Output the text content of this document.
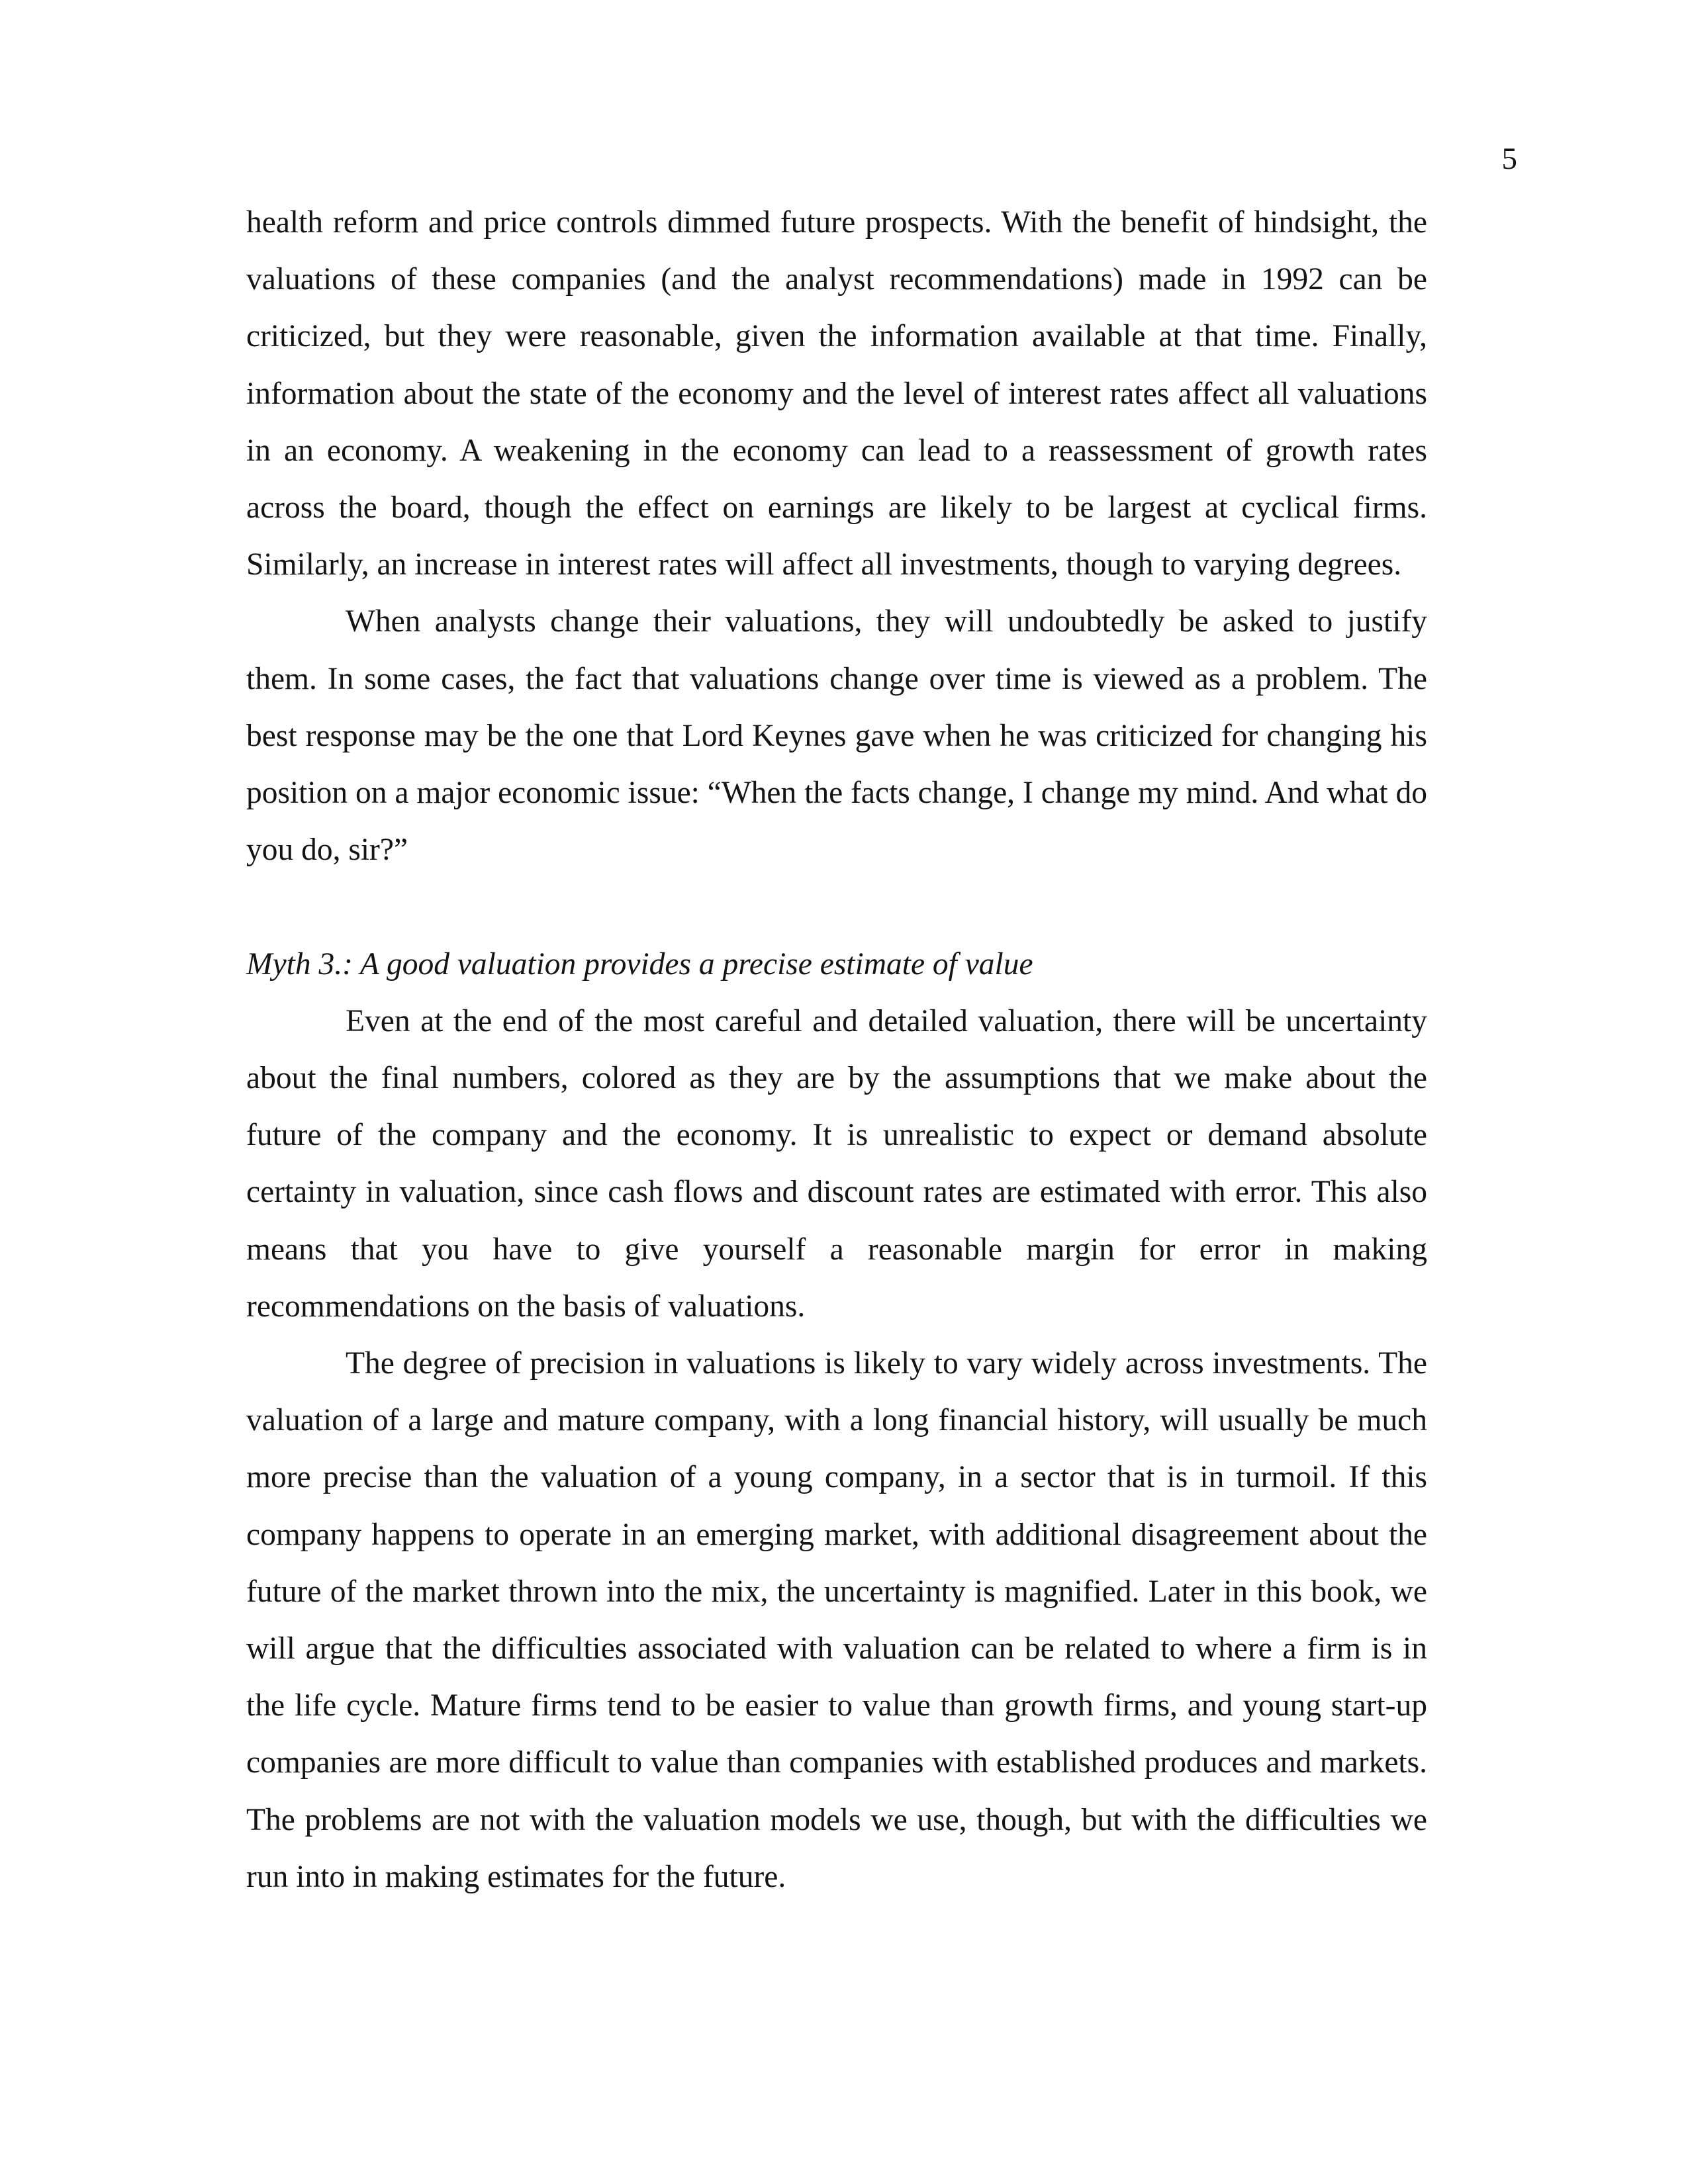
5

health reform and price controls dimmed future prospects. With the benefit of hindsight, the valuations of these companies (and the analyst recommendations) made in 1992 can be criticized, but they were reasonable, given the information available at that time. Finally, information about the state of the economy and the level of interest rates affect all valuations in an economy. A weakening in the economy can lead to a reassessment of growth rates across the board, though the effect on earnings are likely to be largest at cyclical firms. Similarly, an increase in interest rates will affect all investments, though to varying degrees.

When analysts change their valuations, they will undoubtedly be asked to justify them. In some cases, the fact that valuations change over time is viewed as a problem. The best response may be the one that Lord Keynes gave when he was criticized for changing his position on a major economic issue: “When the facts change, I change my mind. And what do you do, sir?”

Myth 3.: A good valuation provides a precise estimate of value

Even at the end of the most careful and detailed valuation, there will be uncertainty about the final numbers, colored as they are by the assumptions that we make about the future of the company and the economy. It is unrealistic to expect or demand absolute certainty in valuation, since cash flows and discount rates are estimated with error. This also means that you have to give yourself a reasonable margin for error in making recommendations on the basis of valuations.

The degree of precision in valuations is likely to vary widely across investments. The valuation of a large and mature company, with a long financial history, will usually be much more precise than the valuation of a young company, in a sector that is in turmoil. If this company happens to operate in an emerging market, with additional disagreement about the future of the market thrown into the mix, the uncertainty is magnified. Later in this book, we will argue that the difficulties associated with valuation can be related to where a firm is in the life cycle. Mature firms tend to be easier to value than growth firms, and young start-up companies are more difficult to value than companies with established produces and markets. The problems are not with the valuation models we use, though, but with the difficulties we run into in making estimates for the future.
